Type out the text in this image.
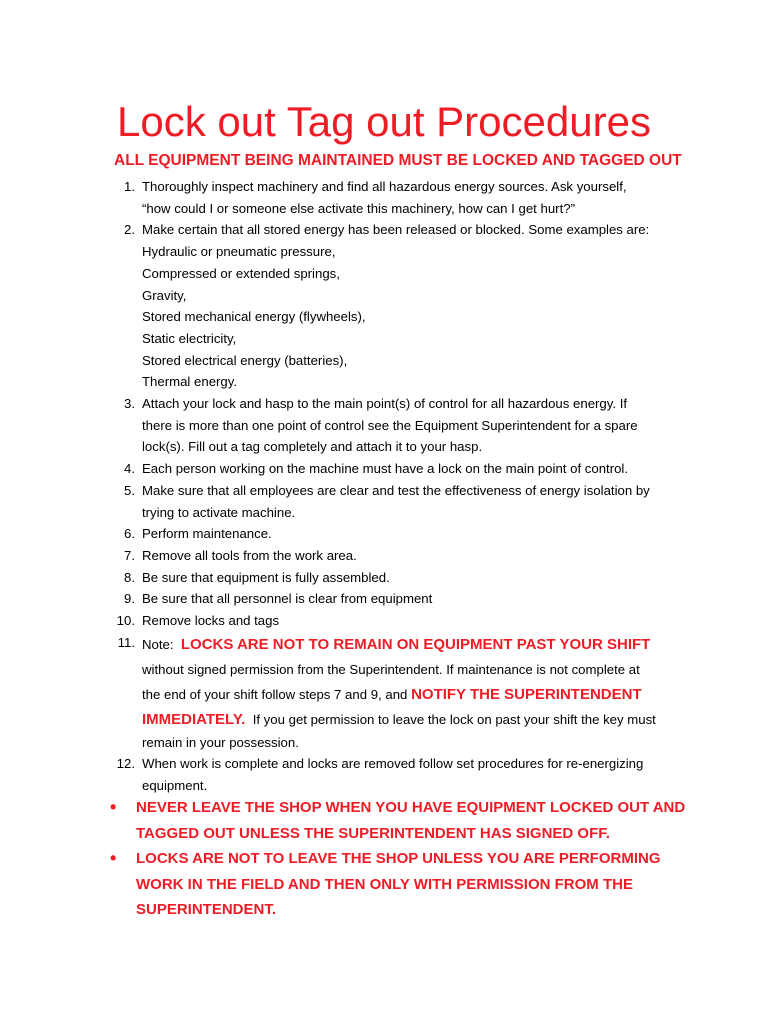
Lock out Tag out Procedures
ALL EQUIPMENT BEING MAINTAINED MUST BE LOCKED AND TAGGED OUT
1. Thoroughly inspect machinery and find all hazardous energy sources. Ask yourself,
“how could I or someone else activate this machinery, how can I get hurt?”
2. Make certain that all stored energy has been released or blocked. Some examples are:
Hydraulic or pneumatic pressure,
Compressed or extended springs,
Gravity,
Stored mechanical energy (flywheels),
Static electricity,
Stored electrical energy (batteries),
Thermal energy.
3. Attach your lock and hasp to the main point(s) of control for all hazardous energy. If
there is more than one point of control see the Equipment Superintendent for a spare
lock(s). Fill out a tag completely and attach it to your hasp.
4. Each person working on the machine must have a lock on the main point of control.
5. Make sure that all employees are clear and test the effectiveness of energy isolation by
trying to activate machine.
6. Perform maintenance.
7. Remove all tools from the work area.
8. Be sure that equipment is fully assembled.
9. Be sure that all personnel is clear from equipment
10. Remove locks and tags
11. Note: LOCKS ARE NOT TO REMAIN ON EQUIPMENT PAST YOUR SHIFT
without signed permission from the Superintendent. If maintenance is not complete at
the end of your shift follow steps 7 and 9, and NOTIFY THE SUPERINTENDENT
IMMEDIATELY. If you get permission to leave the lock on past your shift the key must
remain in your possession.
12. When work is complete and locks are removed follow set procedures for re-energizing
equipment.
•	NEVER LEAVE THE SHOP WHEN YOU HAVE EQUIPMENT LOCKED OUT AND
TAGGED OUT UNLESS THE SUPERINTENDENT HAS SIGNED OFF.
•	LOCKS ARE NOT TO LEAVE THE SHOP UNLESS YOU ARE PERFORMING
WORK IN THE FIELD AND THEN ONLY WITH PERMISSION FROM THE
SUPERINTENDENT.
